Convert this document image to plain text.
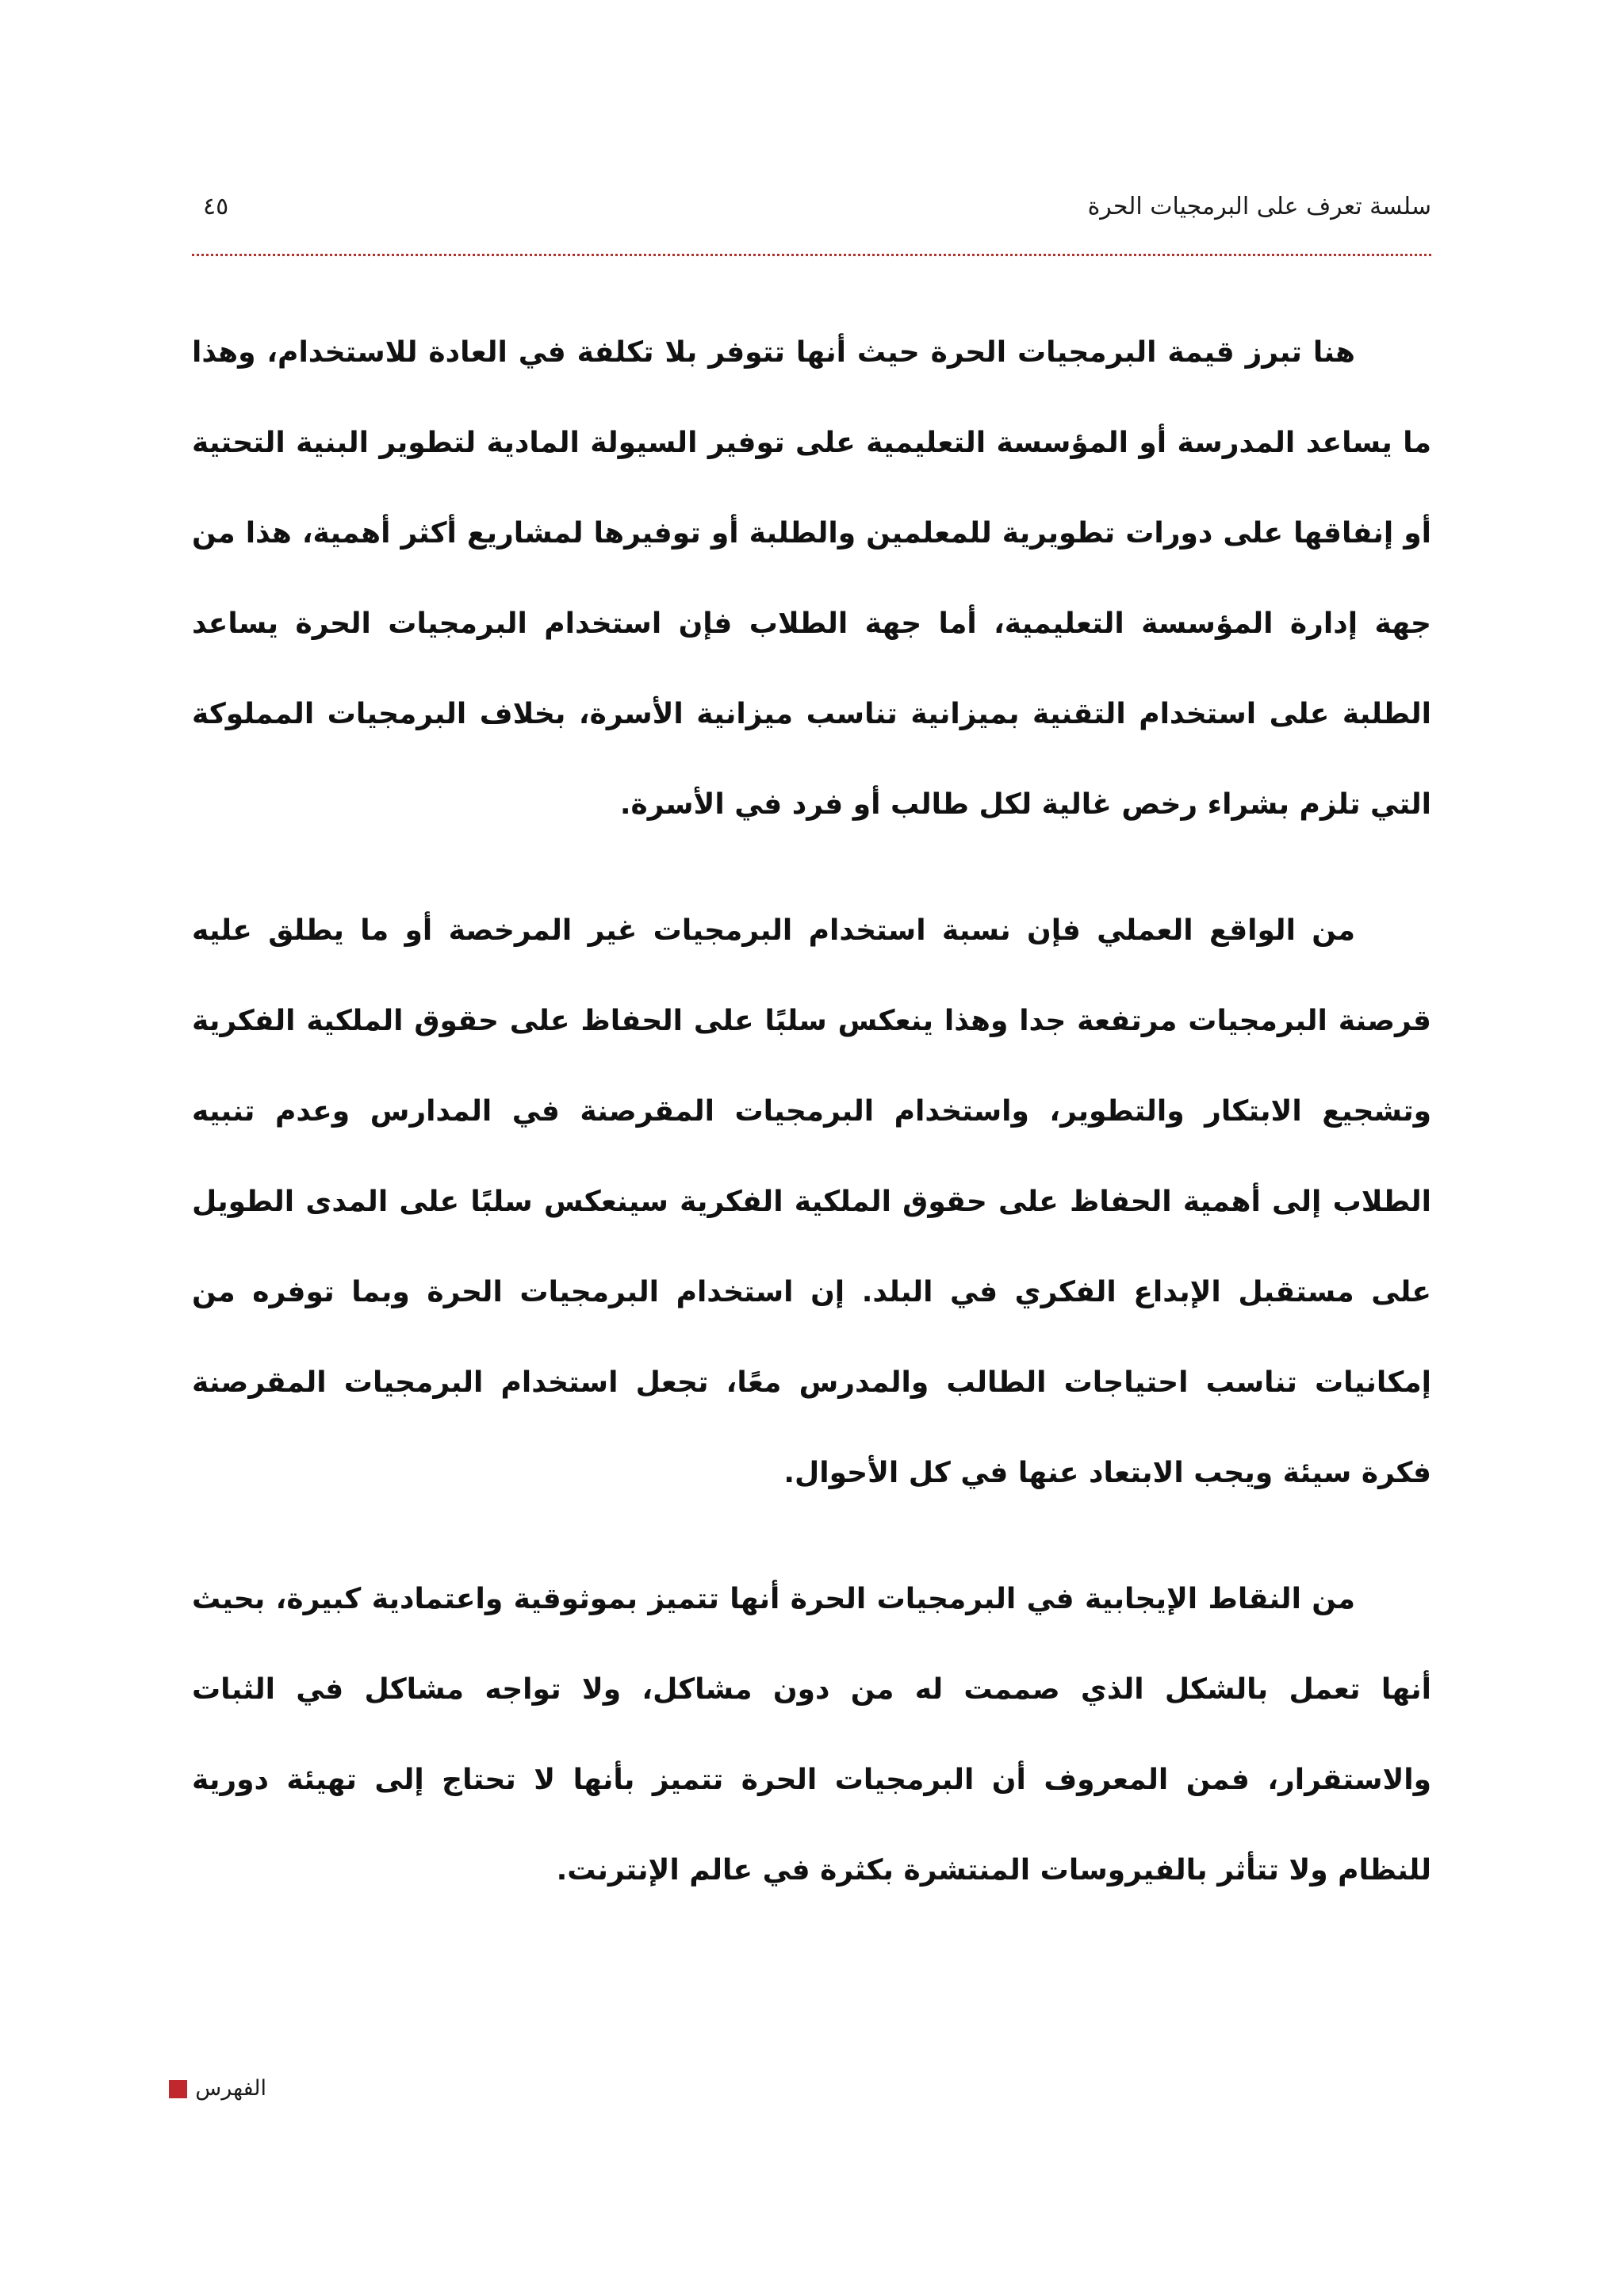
سلسة تعرف على البرمجيات الحرة
٤٥

هنا تبرز قيمة البرمجيات الحرة حيث أنها تتوفر بلا تكلفة في العادة للاستخدام، وهذا ما يساعد المدرسة أو المؤسسة التعليمية على توفير السيولة المادية لتطوير البنية التحتية أو إنفاقها على دورات تطويرية للمعلمين والطلبة أو توفيرها لمشاريع أكثر أهمية، هذا من جهة إدارة المؤسسة التعليمية، أما جهة الطلاب فإن استخدام البرمجيات الحرة يساعد الطلبة على استخدام التقنية بميزانية تناسب ميزانية الأسرة، بخلاف البرمجيات المملوكة التي تلزم بشراء رخص غالية لكل طالب أو فرد في الأسرة.

من الواقع العملي فإن نسبة استخدام البرمجيات غير المرخصة أو ما يطلق عليه قرصنة البرمجيات مرتفعة جدا وهذا ينعكس سلبًا على الحفاظ على حقوق الملكية الفكرية وتشجيع الابتكار والتطوير، واستخدام البرمجيات المقرصنة في المدارس وعدم تنبيه الطلاب إلى أهمية الحفاظ على حقوق الملكية الفكرية سينعكس سلبًا على المدى الطويل على مستقبل الإبداع الفكري في البلد. إن استخدام البرمجيات الحرة وبما توفره من إمكانيات تناسب احتياجات الطالب والمدرس معًا، تجعل استخدام البرمجيات المقرصنة فكرة سيئة ويجب الابتعاد عنها في كل الأحوال.

من النقاط الإيجابية في البرمجيات الحرة أنها تتميز بموثوقية واعتمادية كبيرة، بحيث أنها تعمل بالشكل الذي صممت له من دون مشاكل، ولا تواجه مشاكل في الثبات والاستقرار، فمن المعروف أن البرمجيات الحرة تتميز بأنها لا تحتاج إلى تهيئة دورية للنظام ولا تتأثر بالفيروسات المنتشرة بكثرة في عالم الإنترنت.

الفهرس
